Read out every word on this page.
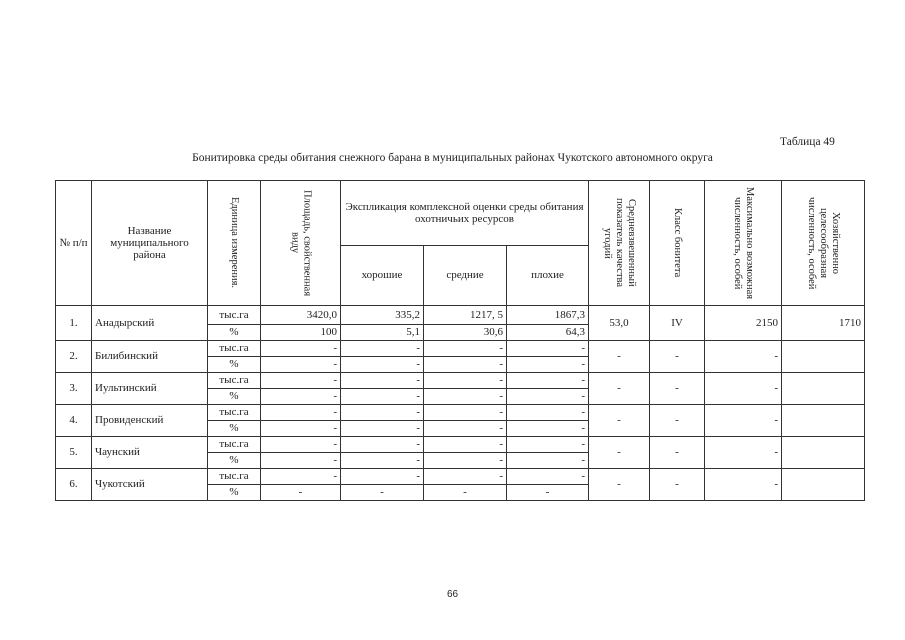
Таблица 49
Бонитировка среды обитания снежного барана в муниципальных районах Чукотского автономного округа
№ п/п	Название муниципального района	Единица измерения.	Площадь, свойственная виду	Экспликация комплексной оценки среды обитания охотничьих ресурсов			Средневзвешенный показатель качества угодий	Класс бонитета	Максимально возможная численность, особей	Хозяйственно целесообразная численность, особей

				хорошие	средние	плохие				
1.	Анадырский	тыс.га	3420,0	335,2	1217, 5	1867,3	53,0	IV	2150	1710
		%	100	5,1	30,6	64,3				
2.	Билибинский	тыс.га	-	-	-	-	-	-	-	
		%	-	-	-	-				
3.	Иультинский	тыс.га	-	-	-	-	-	-	-	
		%	-	-	-	-				
4.	Провиденский	тыс.га	-	-	-	-	-	-	-	
		%	-	-	-	-				
5.	Чаунский	тыс.га	-	-	-	-	-	-	-	
		%	-	-	-	-				
6.	Чукотский	тыс.га	-	-	-	-	-	-	-	
		%	-	-	-	-				
66
